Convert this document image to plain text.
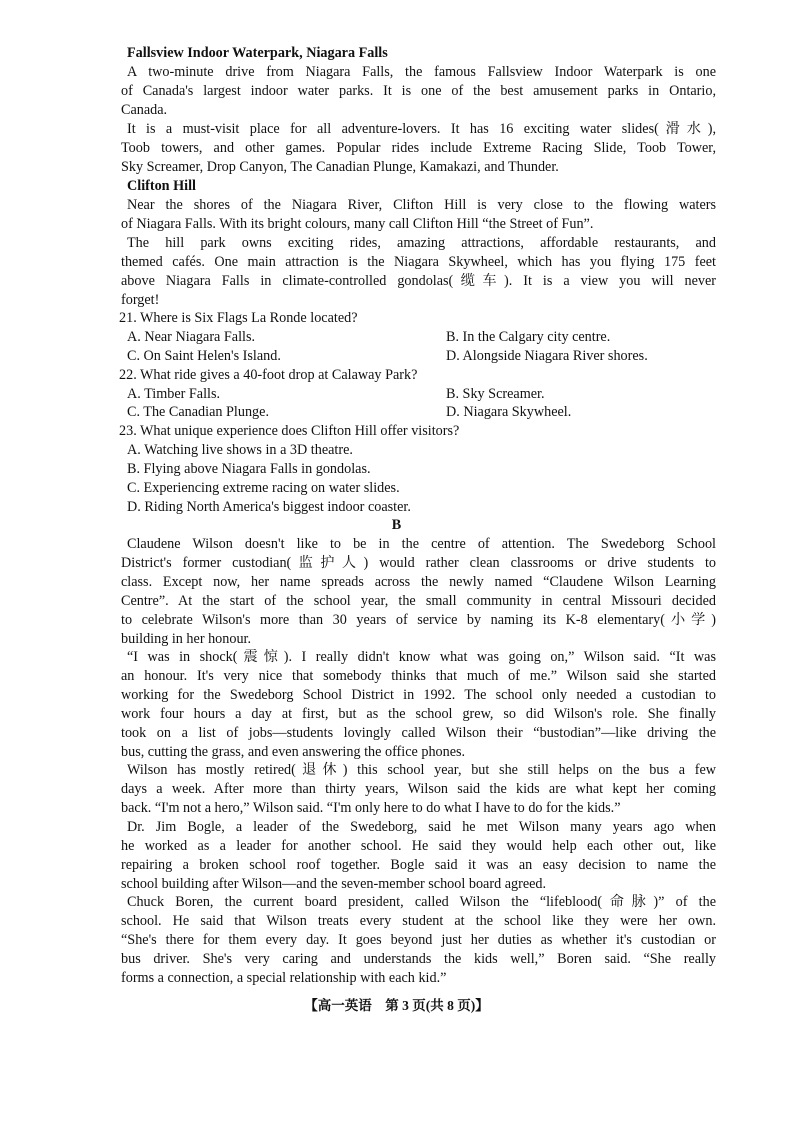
Fallsview Indoor Waterpark, Niagara Falls
A two-minute drive from Niagara Falls, the famous Fallsview Indoor Waterpark is one
of Canada's largest indoor water parks. It is one of the best amusement parks in Ontario,
Canada.
It is a must-visit place for all adventure-lovers. It has 16 exciting water slides(滑水),
Toob towers, and other games. Popular rides include Extreme Racing Slide, Toob Tower,
Sky Screamer, Drop Canyon, The Canadian Plunge, Kamakazi, and Thunder.
Clifton Hill
Near the shores of the Niagara River, Clifton Hill is very close to the flowing waters
of Niagara Falls. With its bright colours, many call Clifton Hill “the Street of Fun”.
The hill park owns exciting rides, amazing attractions, affordable restaurants, and
themed cafés. One main attraction is the Niagara Skywheel, which has you flying 175 feet
above Niagara Falls in climate-controlled gondolas(缆车). It is a view you will never
forget!
21. Where is Six Flags La Ronde located?
A. Near Niagara Falls.	B. In the Calgary city centre.
C. On Saint Helen's Island.	D. Alongside Niagara River shores.
22. What ride gives a 40-foot drop at Calaway Park?
A. Timber Falls.	B. Sky Screamer.
C. The Canadian Plunge.	D. Niagara Skywheel.
23. What unique experience does Clifton Hill offer visitors?
A. Watching live shows in a 3D theatre.
B. Flying above Niagara Falls in gondolas.
C. Experiencing extreme racing on water slides.
D. Riding North America's biggest indoor coaster.
B
Claudene Wilson doesn't like to be in the centre of attention. The Swedeborg School
District's former custodian(监护人) would rather clean classrooms or drive students to
class. Except now, her name spreads across the newly named “Claudene Wilson Learning
Centre”. At the start of the school year, the small community in central Missouri decided
to celebrate Wilson's more than 30 years of service by naming its K-8 elementary(小学)
building in her honour.
“I was in shock(震惊). I really didn't know what was going on,” Wilson said. “It was
an honour. It's very nice that somebody thinks that much of me.” Wilson said she started
working for the Swedeborg School District in 1992. The school only needed a custodian to
work four hours a day at first, but as the school grew, so did Wilson's role. She finally
took on a list of jobs—students lovingly called Wilson their “bustodian”—like driving the
bus, cutting the grass, and even answering the office phones.
Wilson has mostly retired(退休) this school year, but she still helps on the bus a few
days a week. After more than thirty years, Wilson said the kids are what kept her coming
back. “I'm not a hero,” Wilson said. “I'm only here to do what I have to do for the kids.”
Dr. Jim Bogle, a leader of the Swedeborg, said he met Wilson many years ago when
he worked as a leader for another school. He said they would help each other out, like
repairing a broken school roof together. Bogle said it was an easy decision to name the
school building after Wilson—and the seven-member school board agreed.
Chuck Boren, the current board president, called Wilson the “lifeblood(命脉)” of the
school. He said that Wilson treats every student at the school like they were her own.
“She's there for them every day. It goes beyond just her duties as whether it's custodian or
bus driver. She's very caring and understands the kids well,” Boren said. “She really
forms a connection, a special relationship with each kid.”
【高一英语　第 3 页(共 8 页)】
